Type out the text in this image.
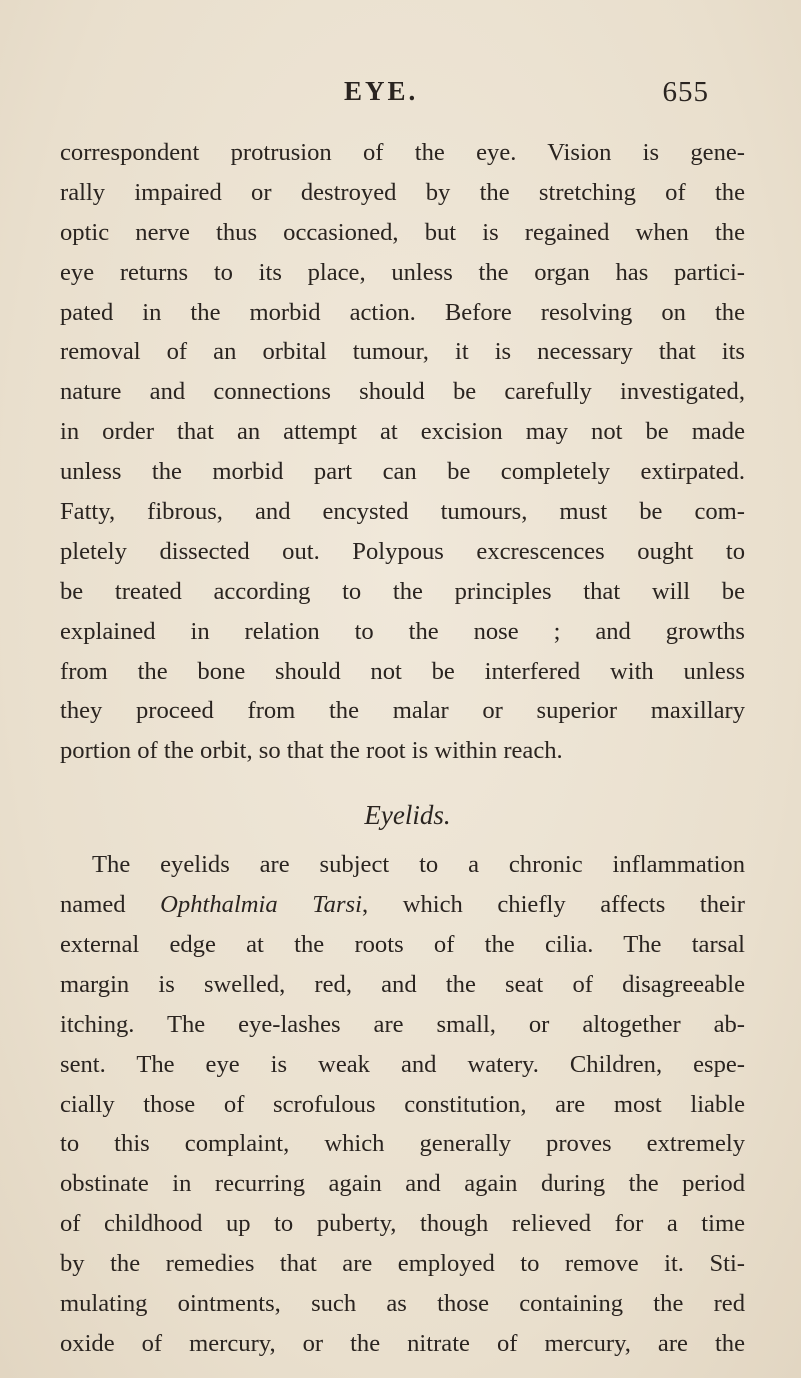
EYE.	655
correspondent protrusion of the eye. Vision is gene-
rally impaired or destroyed by the stretching of the
optic nerve thus occasioned, but is regained when the
eye returns to its place, unless the organ has partici-
pated in the morbid action. Before resolving on the
removal of an orbital tumour, it is necessary that its
nature and connections should be carefully investigated,
in order that an attempt at excision may not be made
unless the morbid part can be completely extirpated.
Fatty, fibrous, and encysted tumours, must be com-
pletely dissected out. Polypous excrescences ought to
be treated according to the principles that will be
explained in relation to the nose ; and growths
from the bone should not be interfered with unless
they proceed from the malar or superior maxillary
portion of the orbit, so that the root is within reach.
Eyelids.
The eyelids are subject to a chronic inflammation
named Ophthalmia Tarsi, which chiefly affects their
external edge at the roots of the cilia. The tarsal
margin is swelled, red, and the seat of disagreeable
itching. The eye-lashes are small, or altogether ab-
sent. The eye is weak and watery. Children, espe-
cially those of scrofulous constitution, are most liable
to this complaint, which generally proves extremely
obstinate in recurring again and again during the period
of childhood up to puberty, though relieved for a time
by the remedies that are employed to remove it. Sti-
mulating ointments, such as those containing the red
oxide of mercury, or the nitrate of mercury, are the
